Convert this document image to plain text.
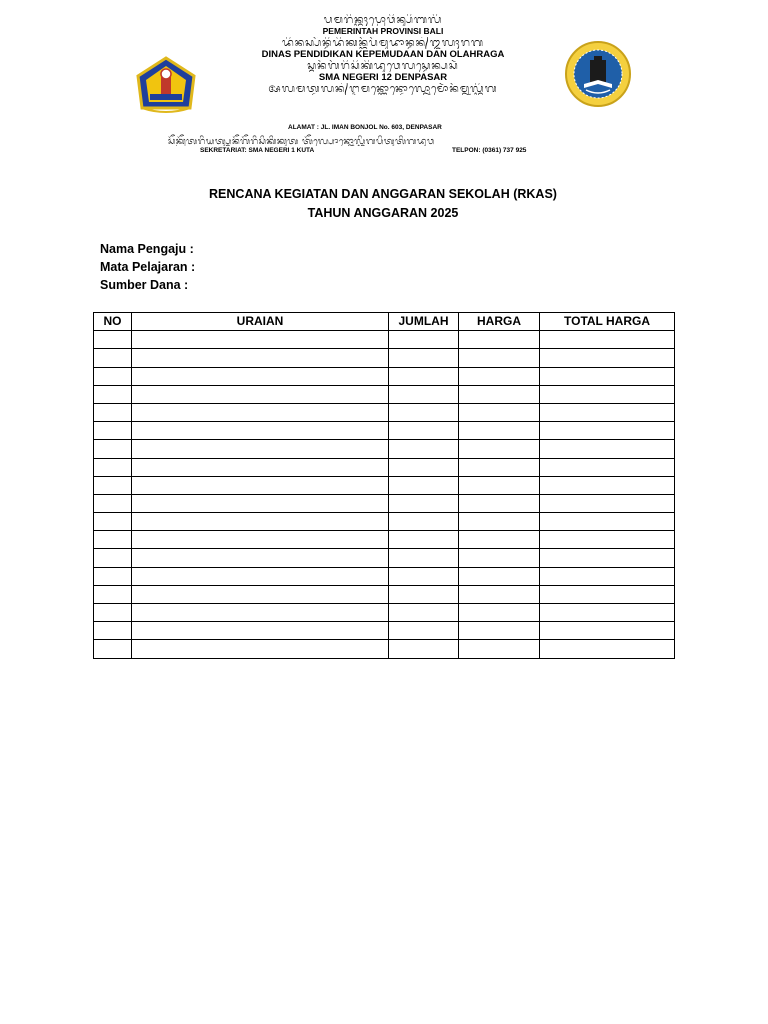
ᬧᬫᬭᬶᬦ᭄ᬢᬄᬧ᭄ᬭᭀᬯᬶᬦ᭄ᬲᬶᬩᬮᬶ
PEMERINTAH PROVINSI BALI
ᬤᬶᬦᬲ᭄ᬧᭂᬦ᭄ᬤᬶᬤᬶᬓᬦ᭄ᬓᭂᬧᭂᬫᬸᬤᬵᬦ᭄ᬤᬦ᭄ᬑᬮᬄᬭᬕ
DINAS PENDIDIKAN KEPEMUDAAN DAN OLAHRAGA
ᬲ᭄ᬫᬦᭂᬕᭂᬭᬶᬲᬶᬓᬶᬤᬸᬯᬾᬮᬲ᭄ᬤᬾᬦ᭄ᬧᬲᬃ
SMA NEGERI 12 DENPASAR
ᬅᬮᬫᬢ᭄ᬚᬮᬦ᭄ᬇᬫᬦ᭄ᬩᭀᬦ᭄ᬚᭀᬮ᭄ᬦᭀᬫᭀᬃᬦᭂᬫ᭄ᬦᬸᬮ᭄ᬢᬶᬕ
ALAMAT : JL. IMAN BONJOL No. 603, DENPASAR
ᬲᭂᬓ᭄ᬭᭂᬢᬭᬶᬬᬢ᭄ᬲ᭄ᬫᬦᭂᬕᭂᬭᬶᬲᬶᬓᬶᬓᬸᬢ ᬢᭂᬮ᭄ᬧᭀᬦ᭄ᬦᭀᬮ᭄ᬢᬶᬕᬧᬶᬢᬸᬢᬶᬕᬤᬸᬯ
SEKRETARIAT: SMA NEGERI 1 KUTA	TELPON: (0361) 737 925
RENCANA KEGIATAN DAN ANGGARAN SEKOLAH (RKAS)
TAHUN ANGGARAN 2025
Nama Pengaju :
Mata Pelajaran :
Sumber Dana :
NO	URAIAN	JUMLAH	HARGA	TOTAL HARGA
